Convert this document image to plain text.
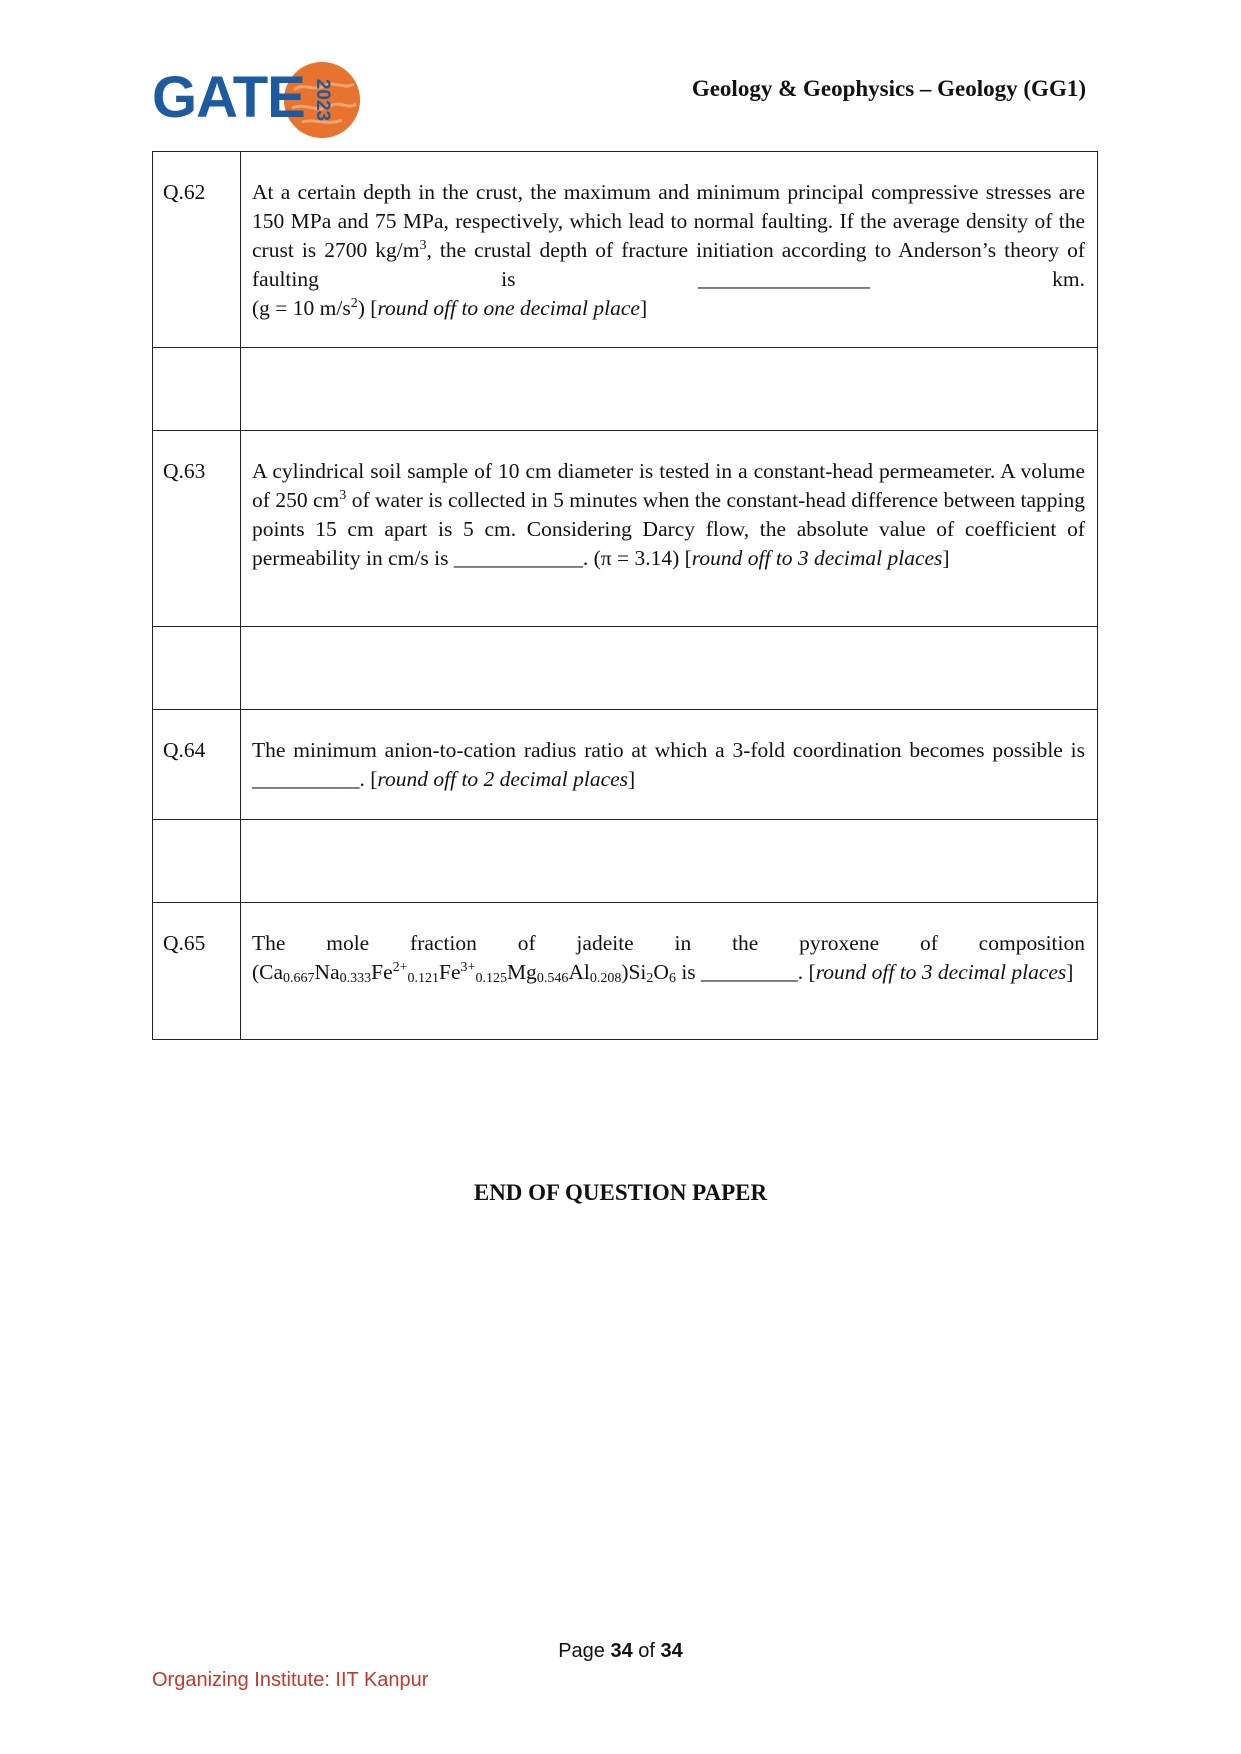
GATE 2023	Geology & Geophysics – Geology (GG1)
Q.62	At a certain depth in the crust, the maximum and minimum principal compressive stresses are 150 MPa and 75 MPa, respectively, which lead to normal faulting. If the average density of the crust is 2700 $kg/m^3$, the crustal depth of fracture initiation according to Anderson’s theory of faulting is ________________ km.
(g = 10 $m/s^2$) [round off to one decimal place]

Q.63	A cylindrical soil sample of 10 cm diameter is tested in a constant-head permeameter. A volume of 250 $cm^3$ of water is collected in 5 minutes when the constant-head difference between tapping points 15 cm apart is 5 cm. Considering Darcy flow, the absolute value of coefficient of permeability in cm/s is ____________. (π = 3.14) [round off to 3 decimal places]

Q.64	The minimum anion-to-cation radius ratio at which a 3-fold coordination becomes possible is __________. [round off to 2 decimal places]

Q.65	The mole fraction of jadeite in the pyroxene of composition
$(Ca_{0.667}Na_{0.333}Fe^{2+}_{0.121}Fe^{3+}_{0.125}Mg_{0.546}Al_{0.208})Si_2O_6$ is _________. [round off to 3 decimal places]
END OF QUESTION PAPER
Page 34 of 34
Organizing Institute: IIT Kanpur
